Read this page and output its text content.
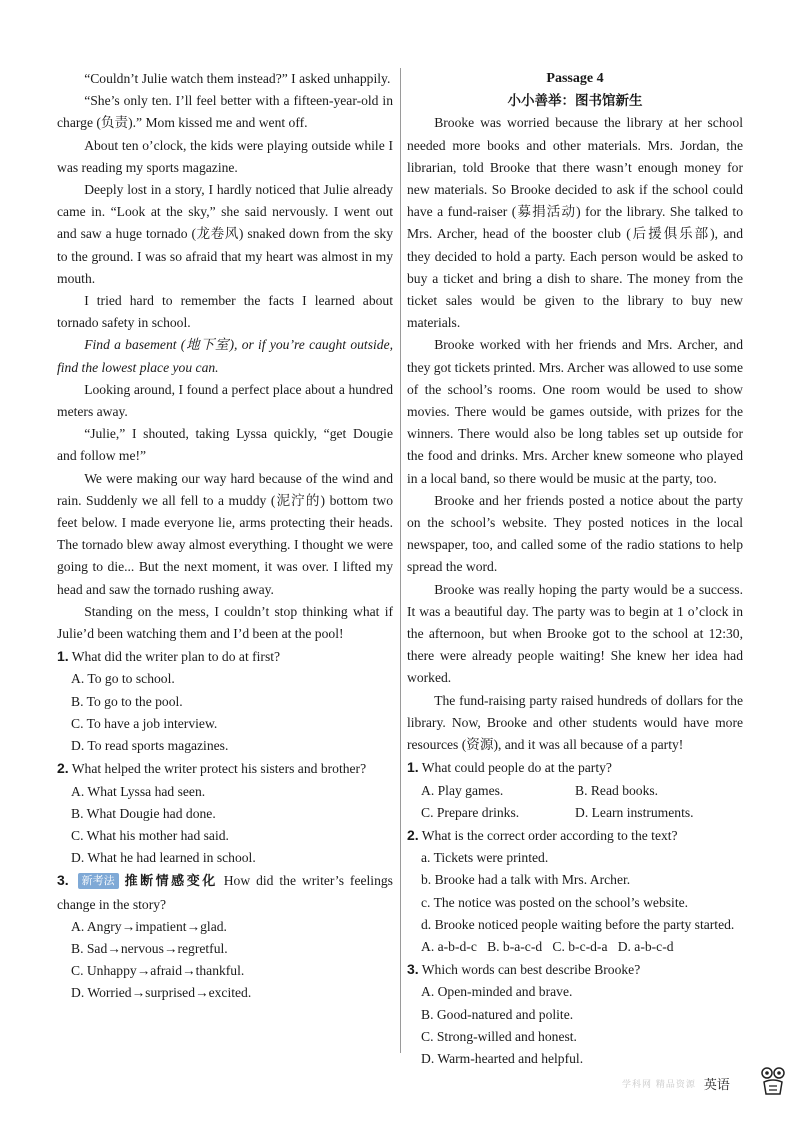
“Couldn’t Julie watch them instead?” I asked unhappily.

“She’s only ten. I’ll feel better with a fifteen-year-old in charge (负责).” Mom kissed me and went off.

About ten o’clock, the kids were playing outside while I was reading my sports magazine.

Deeply lost in a story, I hardly noticed that Julie already came in. “Look at the sky,” she said nervously. I went out and saw a huge tornado (龙卷风) snaked down from the sky to the ground. I was so afraid that my heart was almost in my mouth.

I tried hard to remember the facts I learned about tornado safety in school.

Find a basement (地下室), or if you’re caught outside, find the lowest place you can.

Looking around, I found a perfect place about a hundred meters away.

“Julie,” I shouted, taking Lyssa quickly, “get Dougie and follow me!”

We were making our way hard because of the wind and rain. Suddenly we all fell to a muddy (泥泞的) bottom two feet below. I made everyone lie, arms protecting their heads. The tornado blew away almost everything. I thought we were going to die... But the next moment, it was over. I lifted my head and saw the tornado rushing away.

Standing on the mess, I couldn’t stop thinking what if Julie’d been watching them and I’d been at the pool!

1. What did the writer plan to do at first?

A. To go to school.

B. To go to the pool.

C. To have a job interview.

D. To read sports magazines.

2. What helped the writer protect his sisters and brother?

A. What Lyssa had seen.

B. What Dougie had done.

C. What his mother had said.

D. What he had learned in school.

3. 新考法 推断情感变化 How did the writer’s feelings change in the story?

A. Angry→impatient→glad.

B. Sad→nervous→regretful.

C. Unhappy→afraid→thankful.

D. Worried→surprised→excited.

Passage 4

小小善举：图书馆新生

Brooke was worried because the library at her school needed more books and other materials. Mrs. Jordan, the librarian, told Brooke that there wasn’t enough money for new materials. So Brooke decided to ask if the school could have a fund-raiser (募捐活动) for the library. She talked to Mrs. Archer, head of the booster club (后援俱乐部), and they decided to hold a party. Each person would be asked to buy a ticket and bring a dish to share. The money from the ticket sales would be given to the library to buy new materials.

Brooke worked with her friends and Mrs. Archer, and they got tickets printed. Mrs. Archer was allowed to use some of the school’s rooms. One room would be used to show movies. There would be games outside, with prizes for the winners. There would also be long tables set up outside for the food and drinks. Mrs. Archer knew someone who played in a local band, so there would be music at the party, too.

Brooke and her friends posted a notice about the party on the school’s website. They posted notices in the local newspaper, too, and called some of the radio stations to help spread the word.

Brooke was really hoping the party would be a success. It was a beautiful day. The party was to begin at 1 o’clock in the afternoon, but when Brooke got to the school at 12:30, there were already people waiting! She knew her idea had worked.

The fund-raising party raised hundreds of dollars for the library. Now, Brooke and other students would have more resources (资源), and it was all because of a party!

1. What could people do at the party?

A. Play games.	B. Read books.
C. Prepare drinks.	D. Learn instruments.

2. What is the correct order according to the text?

a. Tickets were printed.

b. Brooke had a talk with Mrs. Archer.

c. The notice was posted on the school’s website.

d. Brooke noticed people waiting before the party started.

A. a-b-d-c B. b-a-c-d C. b-c-d-a D. a-b-c-d

3. Which words can best describe Brooke?

A. Open-minded and brave.

B. Good-natured and polite.

C. Strong-willed and honest.

D. Warm-hearted and helpful.

学科网 精品资源 英语
